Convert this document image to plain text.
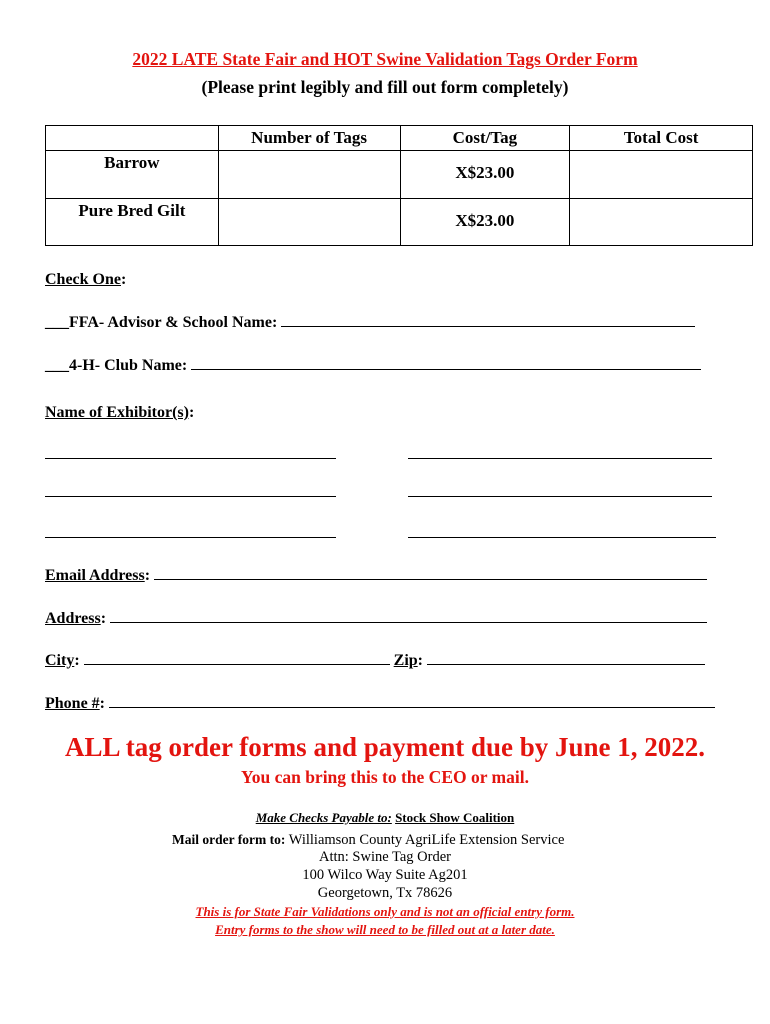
2022 LATE State Fair and HOT Swine Validation Tags Order Form
(Please print legibly and fill out form completely)
	Number of Tags	Cost/Tag	Total Cost

Barrow		X$23.00	

Pure Bred Gilt		X$23.00	

Check One:
___FFA- Advisor & School Name:
___4-H- Club Name:
Name of Exhibitor(s):
Email Address:
Address:
City:	Zip:
Phone #:
ALL tag order forms and payment due by June 1, 2022.
You can bring this to the CEO or mail.
Make Checks Payable to: Stock Show Coalition
Mail order form to: Williamson County AgriLife Extension Service
Attn: Swine Tag Order
100 Wilco Way Suite Ag201
Georgetown, Tx 78626
This is for State Fair Validations only and is not an official entry form.
Entry forms to the show will need to be filled out at a later date.
